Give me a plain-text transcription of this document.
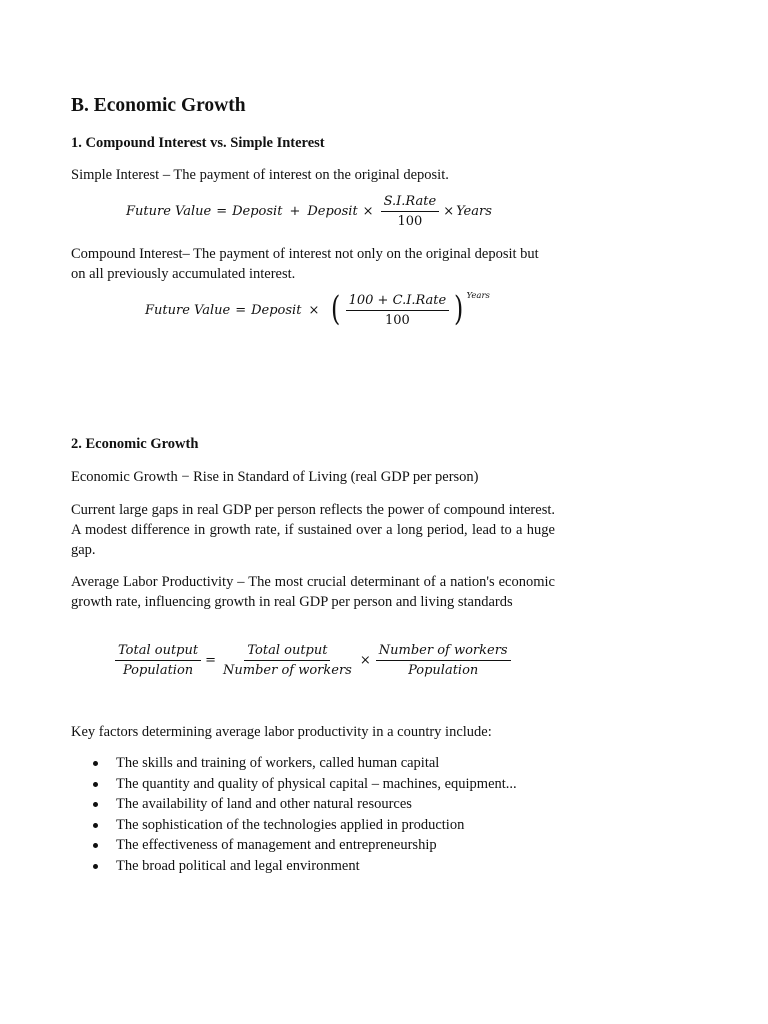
B. Economic Growth
1. Compound Interest vs. Simple Interest
Simple Interest – The payment of interest on the original deposit.
Future Value = Deposit + Deposit × $\frac{\text{S.I.Rate}}{100}$ × Years
Compound Interest– The payment of interest not only on the original deposit but on all previously accumulated interest.
Future Value = Deposit × ( $\frac{\text{100 + C.I.Rate}}{100}$ ) Years
2. Economic Growth
Economic Growth − Rise in Standard of Living (real GDP per person)
Current large gaps in real GDP per person reflects the power of compound interest. A modest difference in growth rate, if sustained over a long period, lead to a huge gap.
Average Labor Productivity – The most crucial determinant of a nation's economic growth rate, influencing growth in real GDP per person and living standards
$\frac{\text{Total output}}{\text{Population}} = \frac{\text{Total output}}{\text{Number of workers}} \times \frac{\text{Number of workers}}{\text{Population}}$
Key factors determining average labor productivity in a country include:
The skills and training of workers, called human capital
The quantity and quality of physical capital – machines, equipment...
The availability of land and other natural resources
The sophistication of the technologies applied in production
The effectiveness of management and entrepreneurship
The broad political and legal environment
